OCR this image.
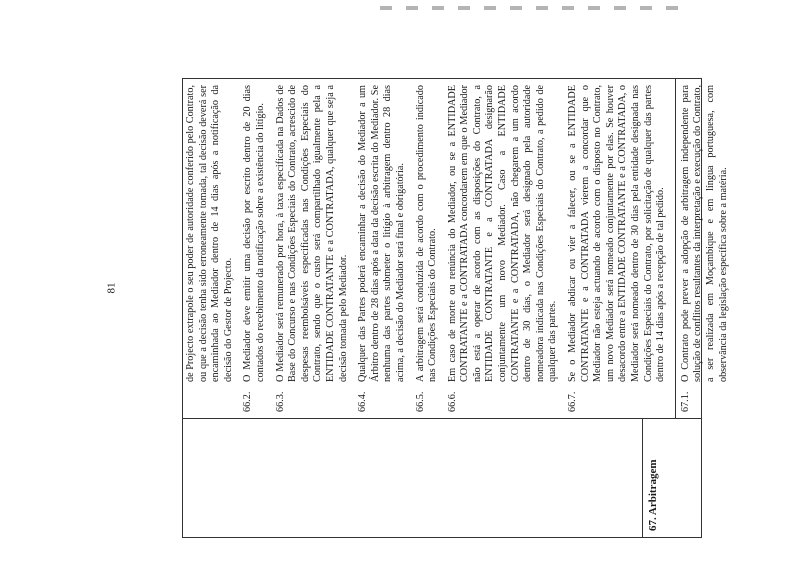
81
67. Arbitragem
de Projecto extrapole o seu poder de autoridade conferido pelo Contrato, ou que a decisão tenha sido erroneamente tomada, tal decisão deverá ser encaminhada ao Mediador dentro de 14 dias após a notificação da decisão do Gestor de Projecto.
66.2.
O Mediador deve emitir uma decisão por escrito dentro de 20 dias contados do recebimento da notificação sobre a existência do litígio.
66.3.
O Mediador será remunerado por hora, à taxa especificada na Dados de Base do Concurso e nas Condições Especiais do Contrato, acrescido de despesas reembolsáveis especificadas nas Condições Especiais do Contrato, sendo que o custo será compartilhado igualmente pela a ENTIDADE CONTRATANTE e a CONTRATADA, qualquer que seja a decisão tomada pelo Mediador.
66.4.
Qualquer das Partes poderá encaminhar a decisão do Mediador a um Árbitro dentro de 28 dias após a data da decisão escrita do Mediador. Se nenhuma das partes submeter o litígio à arbitragem dentro 28 dias acima, a decisão do Mediador será final e obrigatória.
66.5.
A arbitragem será conduzida de acordo com o procedimento indicado nas Condições Especiais do Contrato.
66.6.
Em caso de morte ou renúncia do Mediador, ou se a ENTIDADE CONTRATANTE e a CONTRATADA concordarem em que o Mediador não está a operar de acordo com as disposições do Contrato, a ENTIDADE CONTRATANTE e a CONTRATADA designarão conjuntamente um novo Mediador. Caso a ENTIDADE CONTRATANTE e a CONTRATADA, não chegarem a um acordo dentro de 30 dias, o Mediador será designado pela autoridade nomeadora indicada nas Condições Especiais do Contrato, a pedido de qualquer das partes.
66.7.
Se o Mediador abdicar ou vier a falecer, ou se a ENTIDADE CONTRATANTE e a CONTRATADA vierem a concordar que o Mediador não esteja actuando de acordo com o disposto no Contrato, um novo Mediador será nomeado conjuntamente por elas. Se houver desacordo entre a ENTIDADE CONTRATANTE e a CONTRATADA, o Mediador será nomeado dentro de 30 dias pela entidade designada nas Condições Especiais do Contrato, por solicitação de qualquer das partes dentro de 14 dias após a recepção de tal pedido.
67.1.
O Contrato pode prever a adopção de arbitragem independente para solução de conflitos resultantes da interpretação e execução do Contrato, a ser realizada em Moçambique e em língua portuguesa, com observância da legislação específica sobre a matéria.
